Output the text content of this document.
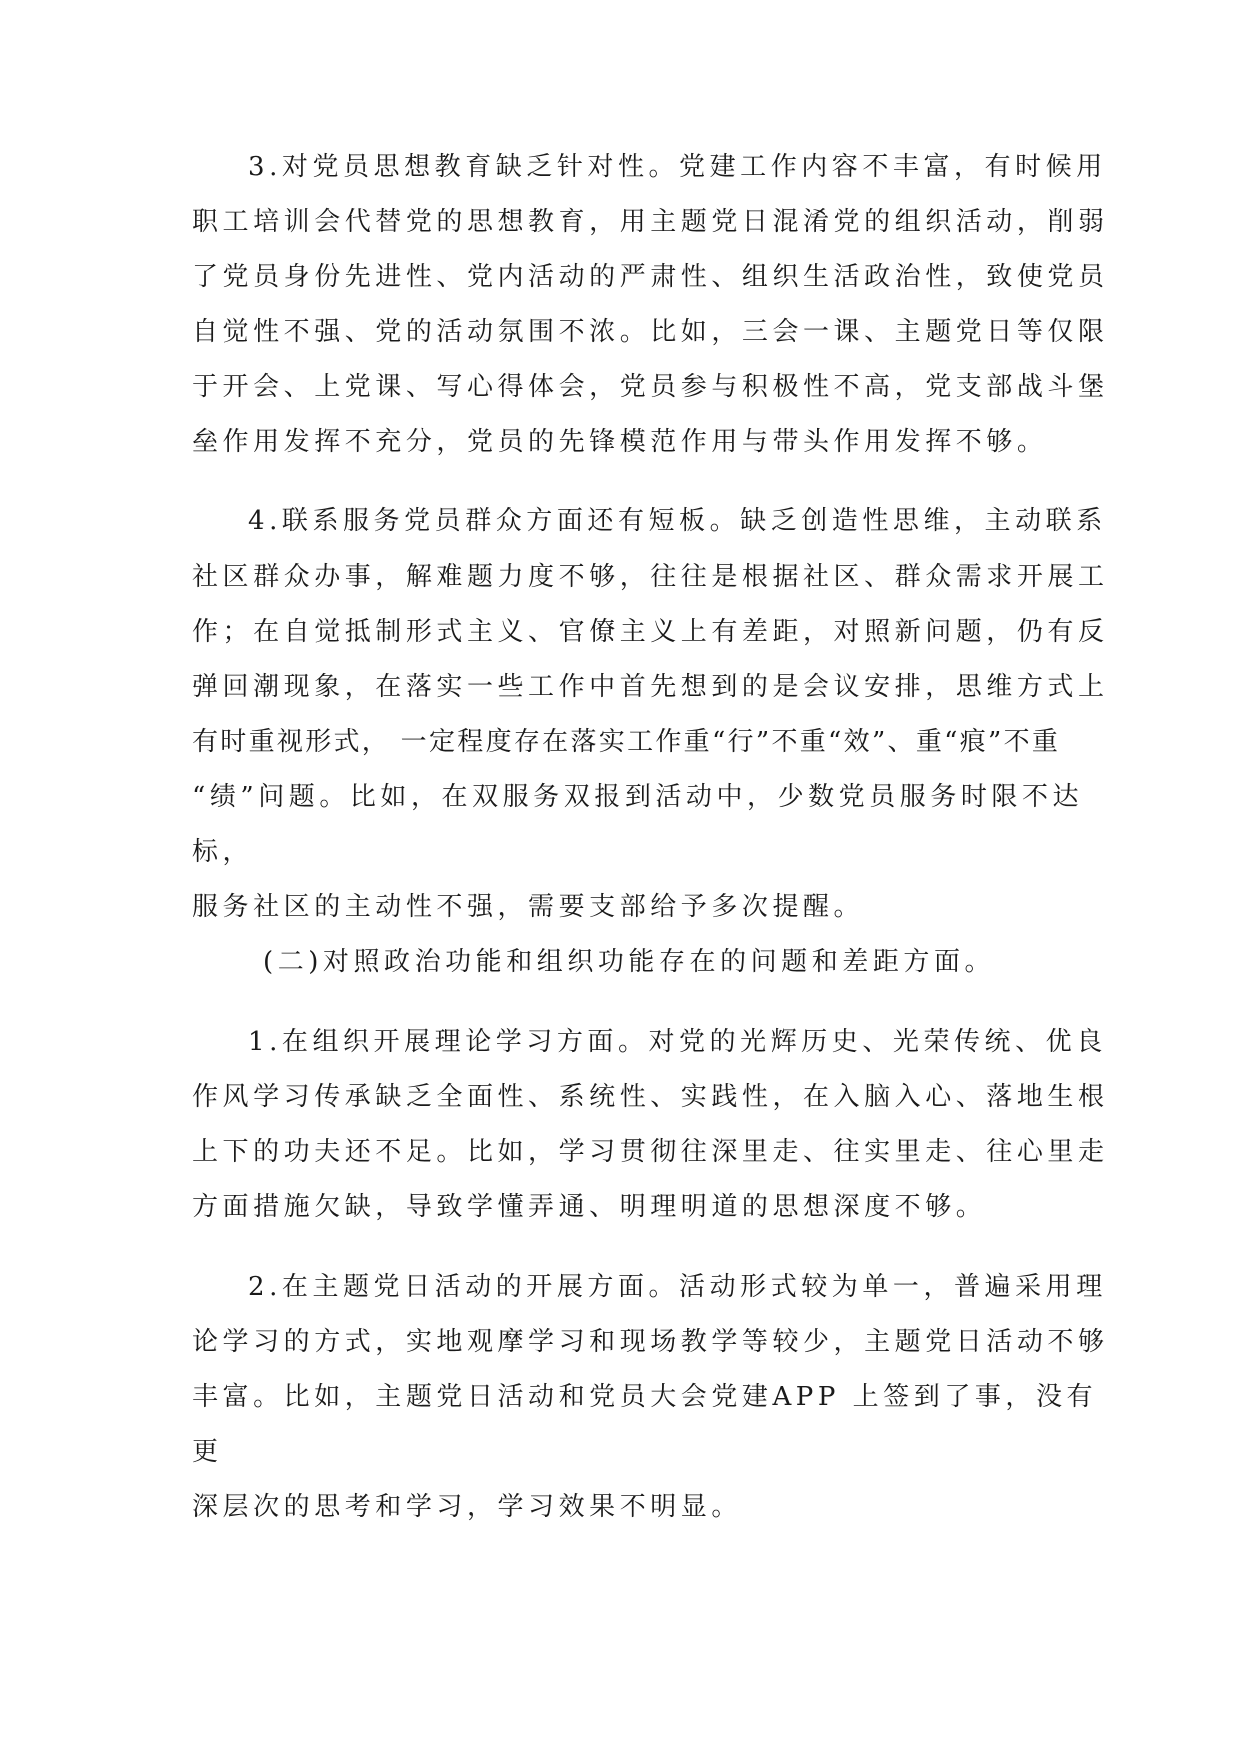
3.对党员思想教育缺乏针对性。党建工作内容不丰富，有时候用

职工培训会代替党的思想教育，用主题党日混淆党的组织活动，削弱

了党员身份先进性、党内活动的严肃性、组织生活政治性，致使党员

自觉性不强、党的活动氛围不浓。比如，三会一课、主题党日等仅限

于开会、上党课、写心得体会，党员参与积极性不高，党支部战斗堡

垒作用发挥不充分，党员的先锋模范作用与带头作用发挥不够。

4.联系服务党员群众方面还有短板。缺乏创造性思维，主动联系

社区群众办事，解难题力度不够，往往是根据社区、群众需求开展工

作；在自觉抵制形式主义、官僚主义上有差距，对照新问题，仍有反

弹回潮现象，在落实一些工作中首先想到的是会议安排，思维方式上

有时重视形式， 一定程度存在落实工作重“行”不重“效”、重“痕”不重

“绩”问题。比如，在双服务双报到活动中，少数党员服务时限不达

标，

服务社区的主动性不强，需要支部给予多次提醒。

(二)对照政治功能和组织功能存在的问题和差距方面。

1.在组织开展理论学习方面。对党的光辉历史、光荣传统、优良

作风学习传承缺乏全面性、系统性、实践性，在入脑入心、落地生根

上下的功夫还不足。比如，学习贯彻往深里走、往实里走、往心里走

方面措施欠缺，导致学懂弄通、明理明道的思想深度不够。

2.在主题党日活动的开展方面。活动形式较为单一，普遍采用理

论学习的方式，实地观摩学习和现场教学等较少，主题党日活动不够

丰富。比如，主题党日活动和党员大会党建APP 上签到了事，没有

更

深层次的思考和学习，学习效果不明显。
